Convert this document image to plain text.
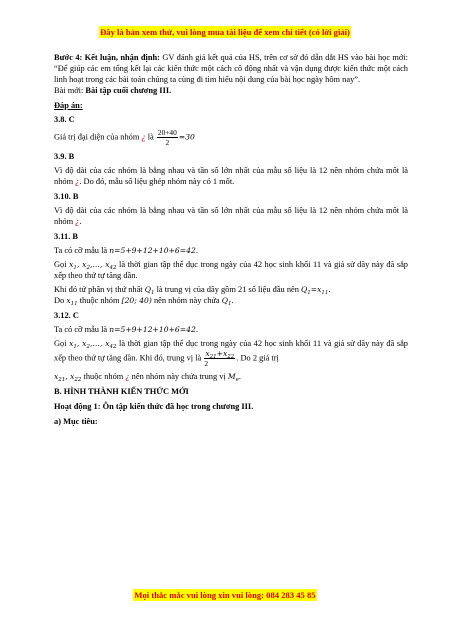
Đây là bản xem thử, vui lòng mua tài liệu để xem chi tiết (có lời giải)

Bước 4: Kết luận, nhận định: GV đánh giá kết quả của HS, trên cơ sở đó dẫn dắt HS vào bài học mới: “Để giúp các em tổng kết lại các kiến thức một cách cô động nhất và vận dụng được kiến thức một cách linh hoạt trong các bài toán chúng ta cùng đi tìm hiểu nội dung của bài học ngày hôm nay”.

Bài mới: Bài tập cuối chương III.

Đáp án:

3.8. C

Giá trị đại diện của nhóm ¿ là $\frac{20+40}{2} =30$

3.9. B

Vì độ dài của các nhóm là bằng nhau và tần số lớn nhất của mẫu số liệu là 12 nên nhóm chứa mốt là nhóm ¿. Do đó, mẫu số liệu ghép nhóm này có 1 mốt.

3.10. B

Vì độ dài của các nhóm là bằng nhau và tần số lớn nhất của mẫu số liệu là 12 nên nhóm chứa mốt là nhóm ¿.

3.11. B

Ta có cỡ mẫu là n=5+9+12+10+6=42.

Gọi $x_1$, $x_2,\dots$, $x_{42}$ là thời gian tập thể dục trong ngày của 42 học sinh khối 11 và giả sử dãy này đã sắp xếp theo thứ tự tăng dần.

Khi đó tứ phân vị thứ nhất $Q_1$ là trung vị của dãy gồm 21 số liệu đầu nên $Q_1=x_{11}$.

Do $x_{11}$ thuộc nhóm [20; 40) nên nhóm này chứa $Q_1$.

3.12. C

Ta có cỡ mẫu là n=5+9+12+10+6=42.

Gọi $x_1$, $x_2,\dots$, $x_{42}$ là thời gian tập thể dục trong ngày của 42 học sinh khối 11 và giả sử dãy này đã sắp xếp theo thứ tự tăng dần. Khi đó, trung vị là $\frac{x_{21}+x_{22}}{2}$ . Do 2 giá trị

$x_{21}$, $x_{22}$ thuộc nhóm ¿ nên nhóm này chứa trung vị $M_e$.

B. HÌNH THÀNH KIẾN THỨC MỚI

Hoạt động 1: Ôn tập kiến thức đã học trong chương III.

a) Mục tiêu:

Mọi thắc mắc vui lòng xin vui lòng: 084 283 45 85
